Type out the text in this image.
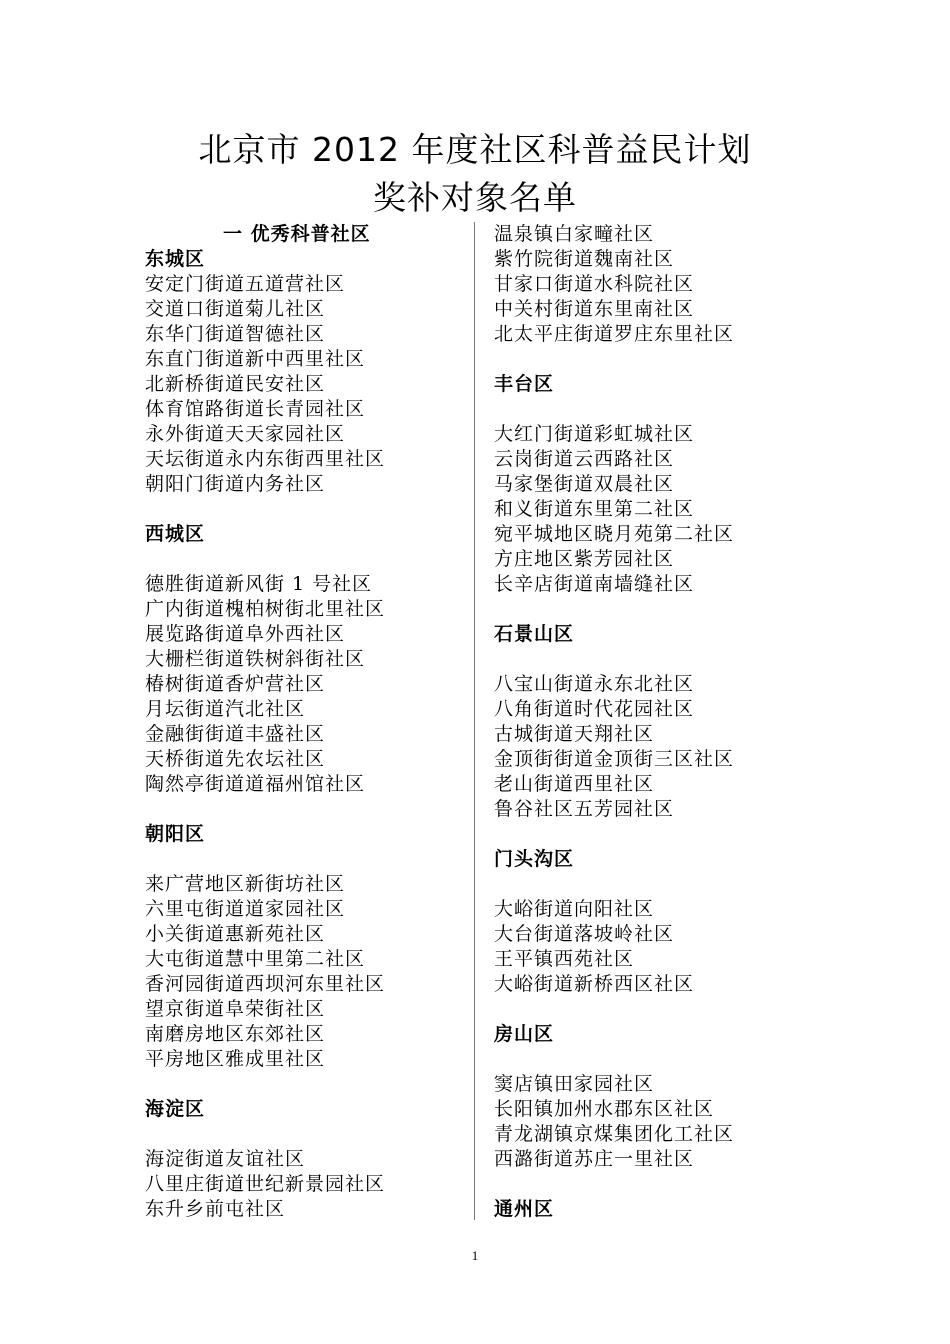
北京市 2012 年度社区科普益民计划
奖补对象名单
一 优秀科普社区
东城区
安定门街道五道营社区
交道口街道菊儿社区
东华门街道智德社区
东直门街道新中西里社区
北新桥街道民安社区
体育馆路街道长青园社区
永外街道天天家园社区
天坛街道永内东街西里社区
朝阳门街道内务社区
西城区
德胜街道新风街 1 号社区
广内街道槐柏树街北里社区
展览路街道阜外西社区
大栅栏街道铁树斜街社区
椿树街道香炉营社区
月坛街道汽北社区
金融街街道丰盛社区
天桥街道先农坛社区
陶然亭街道道福州馆社区
朝阳区
来广营地区新街坊社区
六里屯街道道家园社区
小关街道惠新苑社区
大屯街道慧中里第二社区
香河园街道西坝河东里社区
望京街道阜荣街社区
南磨房地区东郊社区
平房地区雅成里社区
海淀区
海淀街道友谊社区
八里庄街道世纪新景园社区
东升乡前屯社区
温泉镇白家疃社区
紫竹院街道魏南社区
甘家口街道水科院社区
中关村街道东里南社区
北太平庄街道罗庄东里社区
丰台区
大红门街道彩虹城社区
云岗街道云西路社区
马家堡街道双晨社区
和义街道东里第二社区
宛平城地区晓月苑第二社区
方庄地区紫芳园社区
长辛店街道南墙缝社区
石景山区
八宝山街道永东北社区
八角街道时代花园社区
古城街道天翔社区
金顶街街道金顶街三区社区
老山街道西里社区
鲁谷社区五芳园社区
门头沟区
大峪街道向阳社区
大台街道落坡岭社区
王平镇西苑社区
大峪街道新桥西区社区
房山区
窦店镇田家园社区
长阳镇加州水郡东区社区
青龙湖镇京煤集团化工社区
西潞街道苏庄一里社区
通州区
1
